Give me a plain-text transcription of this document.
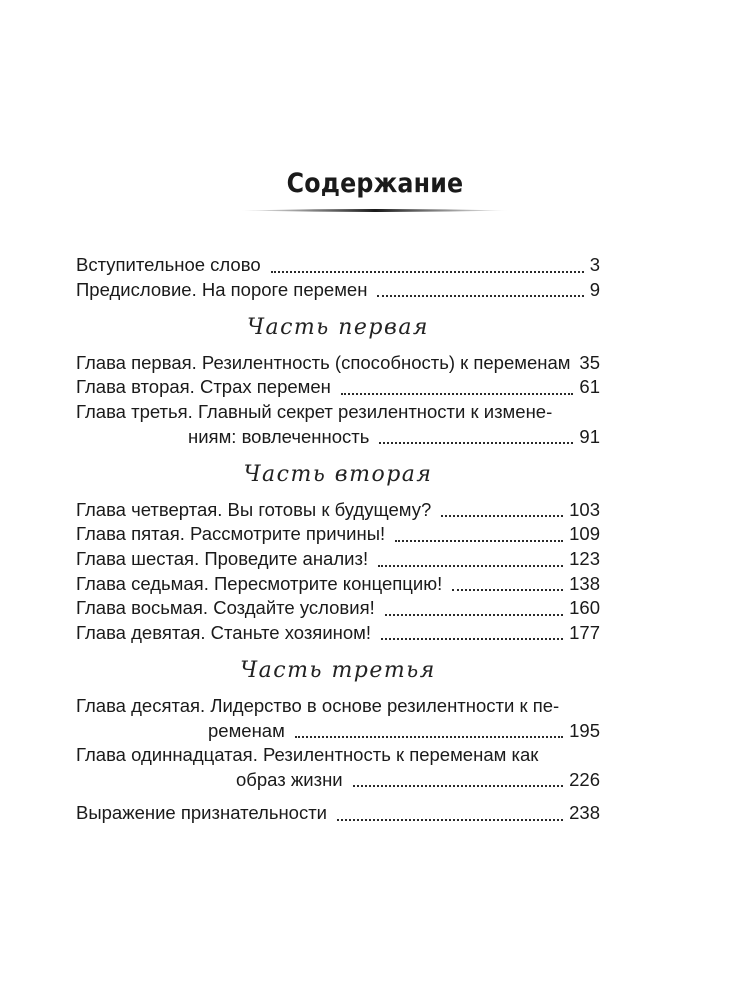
Содержание
Вступительное слово	3
Предисловие. На пороге перемен	9
Часть первая
Глава первая. Резилентность (способность) к переменам 35
Глава вторая. Страх перемен	61
Глава третья. Главный секрет резилентности к измене-
ниям: вовлеченность	91
Часть вторая
Глава четвертая. Вы готовы к будущему?	103
Глава пятая. Рассмотрите причины!	109
Глава шестая. Проведите анализ!	123
Глава седьмая. Пересмотрите концепцию!	138
Глава восьмая. Создайте условия!	160
Глава девятая. Станьте хозяином!	177
Часть третья
Глава десятая. Лидерство в основе резилентности к пе-
ременам	195
Глава одиннадцатая. Резилентность к переменам как
образ жизни	226
Выражение признательности	238
